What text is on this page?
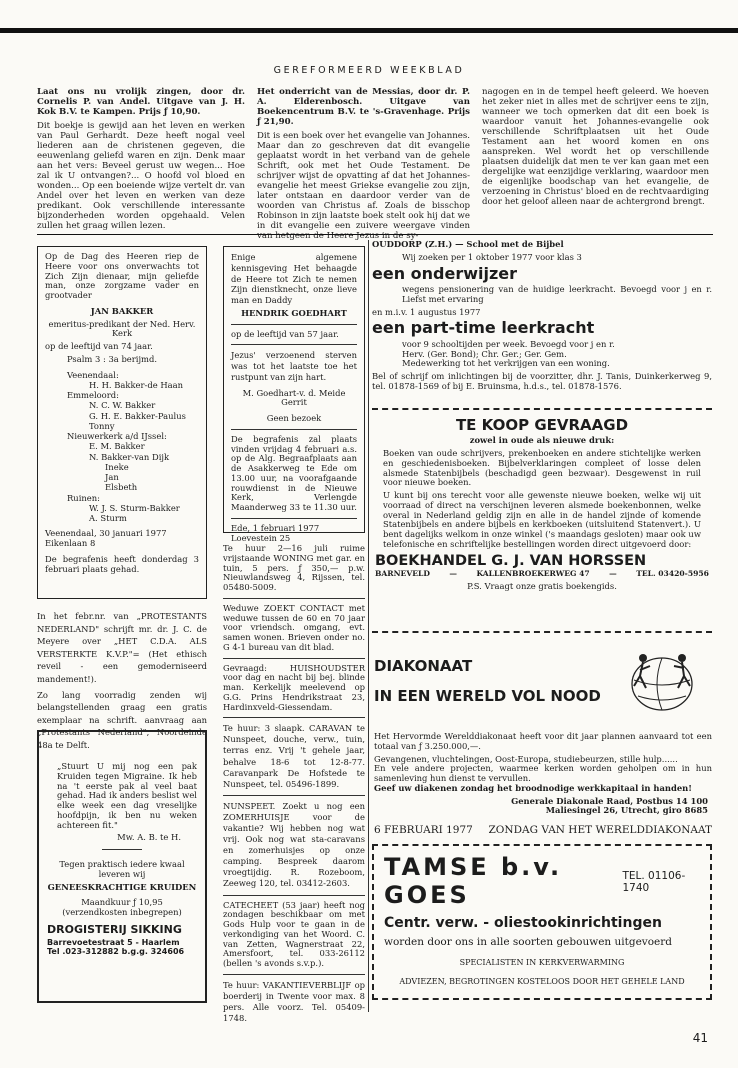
GEREFORMEERD WEEKBLAD

Laat ons nu vrolijk zingen, door dr. Cornelis P. van Andel. Uitgave van J. H. Kok B.V. te Kampen. Prijs ƒ 10,90.

Dit boekje is gewijd aan het leven en werken van Paul Gerhardt. Deze heeft nogal veel liederen aan de christenen gegeven, die eeuwenlang geliefd waren en zijn. Denk maar aan het vers: Beveel gerust uw wegen... Hoe zal ik U ontvangen?... O hoofd vol bloed en wonden... Op een boeiende wijze vertelt dr. van Andel over het leven en werken van deze predikant. Ook verschillende interessante bijzonderheden worden opgehaald. Velen zullen het graag willen lezen.

Het onderricht van de Messias, door dr. P. A. Elderenbosch. Uitgave van Boekencentrum B.V. te 's-Gravenhage. Prijs ƒ 21,90.

Dit is een boek over het evangelie van Johannes. Maar dan zo geschreven dat dit evangelie geplaatst wordt in het verband van de gehele Schrift, ook met het Oude Testament. De schrijver wijst de opvatting af dat het Johannes-evangelie het meest Griekse evangelie zou zijn, later ontstaan en daardoor verder van de woorden van Christus af. Zoals de bisschop Robinson in zijn laatste boek stelt ook hij dat we in dit evangelie een zuivere weergave vinden van hetgeen de Heere Jezus in de sy-

nagogen en in de tempel heeft geleerd. We hoeven het zeker niet in alles met de schrijver eens te zijn, wanneer we toch opmerken dat dit een boek is waardoor vanuit het Johannes-evangelie ook verschillende Schriftplaatsen uit het Oude Testament aan het woord komen en ons aanspreken. Wel wordt het op verschillende plaatsen duidelijk dat men te ver kan gaan met een dergelijke wat eenzijdige verklaring, waardoor men de eigenlijke boodschap van het evangelie, de verzoening in Christus' bloed en de rechtvaardiging door het geloof alleen naar de achtergrond brengt.

Op de Dag des Heeren riep de Heere voor ons onverwachts tot Zich Zijn dienaar, mijn geliefde man, onze zorgzame vader en grootvader

JAN BAKKER

emeritus-predikant der Ned. Herv. Kerk

op de leeftijd van 74 jaar.

Psalm 3 : 3a berijmd.

Veenendaal:
H. H. Bakker-de Haan
Emmeloord:
N. C. W. Bakker
G. H. E. Bakker-Paulus
Tonny
Nieuwerkerk a/d IJssel:
E. M. Bakker
N. Bakker-van Dijk
Ineke
Jan
Elsbeth
Ruinen:
W. J. S. Sturm-Bakker
A. Sturm
Veenendaal, 30 januari 1977
Eikenlaan 8

De begrafenis heeft donderdag 3 februari plaats gehad.

In het febr.nr. van „PROTESTANTS NEDERLAND" schrijft mr. dr. J. C. de Meyere over „HET C.D.A. ALS VERSTERKTE K.V.P."= (Het ethisch reveil - een gemoderniseerd mandement!).

Zo lang voorradig zenden wij belangstellenden graag een gratis exemplaar na schrift. aanvraag aan „Protestants Nederland", Noordeinde 48a te Delft.

„Stuurt U mij nog een pak Kruiden tegen Migraine. Ik heb na 't eerste pak al veel baat gehad. Had ik anders beslist wel elke week een dag vreselijke hoofdpijn, ik ben nu weken achtereen fit."

Mw. A. B. te H.

Tegen praktisch iedere kwaal leveren wij

GENEESKRACHTIGE KRUIDEN

Maandkuur ƒ 10,95

(verzendkosten inbegrepen)

DROGISTERIJ SIKKING

Barrevoetestraat 5 - Haarlem

Tel .023-312882 b.g.g. 324606

Enige algemene kennisgeving Het behaagde de Heere tot Zich te nemen Zijn dienstknecht, onze lieve man en Daddy

HENDRIK GOEDHART

op de leeftijd van 57 jaar.

Jezus' verzoenend sterven was tot het laatste toe het rustpunt van zijn hart.

M. Goedhart-v. d. Meide

Gerrit

Geen bezoek

De begrafenis zal plaats vinden vrijdag 4 februari a.s. op de Alg. Begraafplaats aan de Asakkerweg te Ede om 13.00 uur, na voorafgaande rouwdienst in de Nieuwe Kerk, Verlengde Maanderweg 33 te 11.30 uur.

Ede, 1 februari 1977
Loevestein 25

Te huur 2—16 juli ruime vrijstaande WONING met gar. en tuin, 5 pers. ƒ 350,— p.w. Nieuwlandsweg 4, Rijssen, tel. 05480-5009.

Weduwe ZOEKT CONTACT met weduwe tussen de 60 en 70 jaar voor vriendsch. omgang, evt. samen wonen. Brieven onder no. G 4-1 bureau van dit blad.

Gevraagd: HUISHOUDSTER voor dag en nacht bij bej. blinde man. Kerkelijk meelevend op G.G. Prins Hendrikstraat 23, Hardinxveld-Giessendam.

Te huur: 3 slaapk. CARAVAN te Nunspeet, douche, verw., tuin, terras enz. Vrij 't gehele jaar, behalve 18-6 tot 12-8-77. Caravanpark De Hofstede te Nunspeet, tel. 05496-1899.

NUNSPEET. Zoekt u nog een ZOMERHUISJE voor de vakantie? Wij hebben nog wat vrij. Ook nog wat sta-caravans en zomerhuisjes op onze camping. Bespreek daarom vroegtijdig. R. Rozeboom, Zeeweg 120, tel. 03412-2603.

CATECHEET (53 jaar) heeft nog zondagen beschikbaar om met Gods Hulp voor te gaan in de verkondiging van het Woord. C. van Zetten, Wagnerstraat 22, Amersfoort, tel. 033-26112 (bellen 's avonds s.v.p.).

Te huur: VAKANTIEVERBLIJF op boerderij in Twente voor max. 8 pers. Alle voorz. Tel. 05409-1748.

OUDDORP (Z.H.) — School met de Bijbel

Wij zoeken per 1 oktober 1977 voor klas 3

een onderwijzer

wegens pensionering van de huidige leerkracht. Bevoegd voor j en r. Liefst met ervaring

en m.i.v. 1 augustus 1977

een part-time leerkracht

voor 9 schooltijden per week. Bevoegd voor j en r.

Herv. (Ger. Bond); Chr. Ger.; Ger. Gem.

Medewerking tot het verkrijgen van een woning.

Bel of schrijf om inlichtingen bij de voorzitter, dhr. J. Tanis, Duinkerkerweg 9, tel. 01878-1569 of bij E. Bruinsma, h.d.s., tel. 01878-1576.

TE KOOP GEVRAAGD

zowel in oude als nieuwe druk:

Boeken van oude schrijvers, prekenboeken en andere stichtelijke werken en geschiedenisboeken. Bijbelverklaringen compleet of losse delen alsmede Statenbijbels (beschadigd geen bezwaar). Desgewenst in ruil voor nieuwe boeken.

U kunt bij ons terecht voor alle gewenste nieuwe boeken, welke wij uit voorraad of direct na verschijnen leveren alsmede boekenbonnen, welke overal in Nederland geldig zijn en alle in de handel zijnde of komende Statenbijbels en andere bijbels en kerkboeken (uitsluitend Statenvert.). U bent dagelijks welkom in onze winkel ('s maandags gesloten) maar ook uw telefonische en schriftelijke bestellingen worden direct uitgevoerd door:

BOEKHANDEL G. J. VAN HORSSEN

BARNEVELD	—	KALLENBROEKERWEG 47	—	TEL. 03420-5956

P.S. Vraagt onze gratis boekengids.

DIAKONAAT
IN EEN WERELD VOL NOOD

Het Hervormde Werelddiakonaat heeft voor dit jaar plannen aanvaard tot een totaal van ƒ 3.250.000,—.

Gevangenen, vluchtelingen, Oost-Europa, studiebeurzen, stille hulp......

En vele andere projecten, waarmee kerken worden geholpen om in hun samenleving hun dienst te vervullen.

Geef uw diakenen zondag het broodnodige werkkapitaal in handen!

Generale Diakonale Raad, Postbus 14 100

Maliesingel 26, Utrecht, giro 8685

6 FEBRUARI 1977 ZONDAG VAN HET WERELDDIAKONAAT
TAMSE b.v. GOES
TEL. 01106-1740

Centr. verw. - oliestookinrichtingen

worden door ons in alle soorten gebouwen uitgevoerd

SPECIALISTEN IN KERKVERWARMING

ADVIEZEN, BEGROTINGEN KOSTELOOS DOOR HET GEHELE LAND

41
